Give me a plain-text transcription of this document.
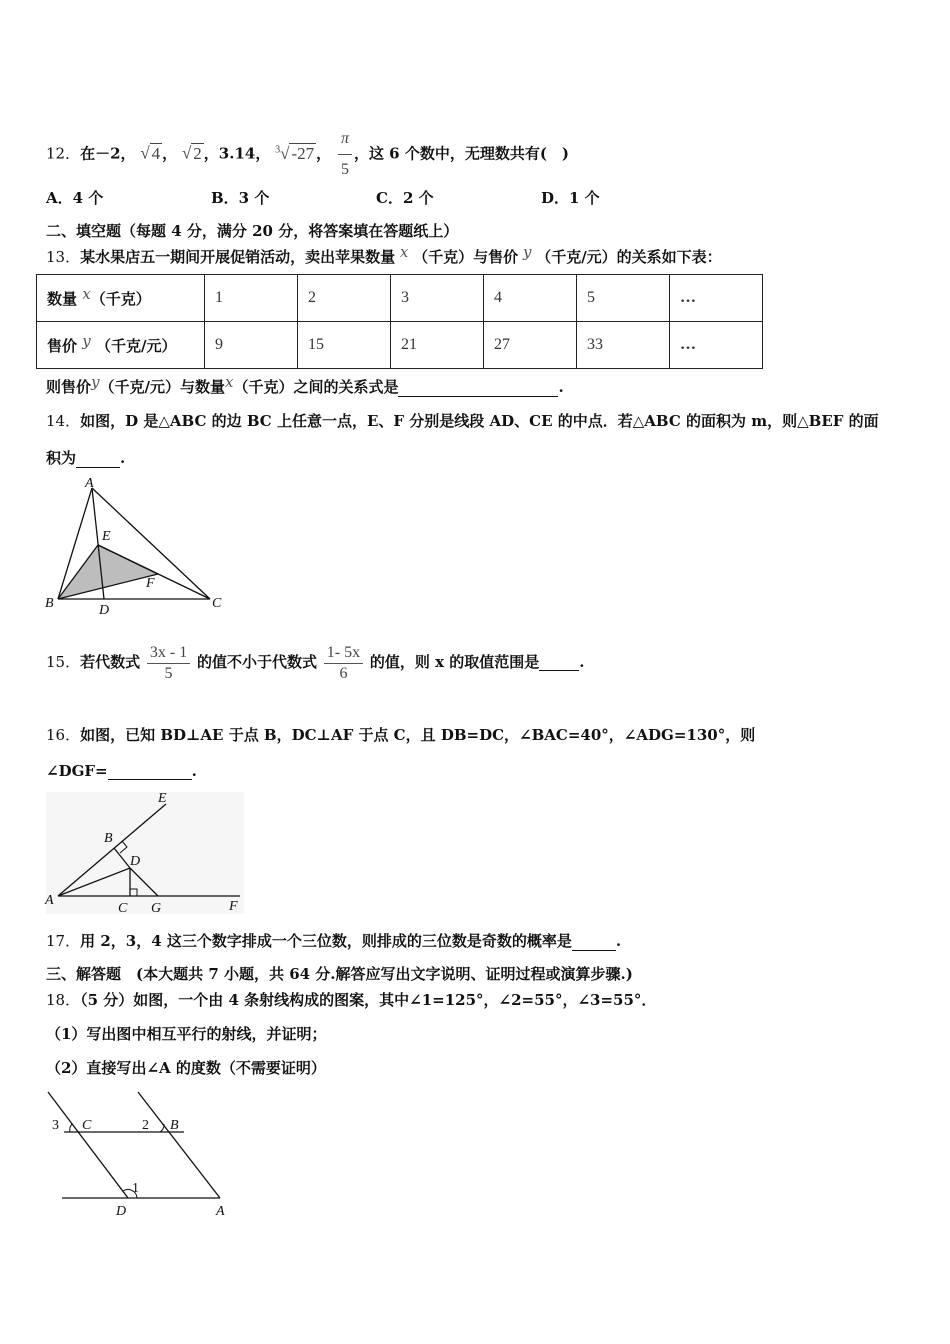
12．在－2， √ 4 ， √ 2 ，3.14， $^3$√ -27 ， $\frac{\pi}{5}$ ，这 6 个数中，无理数共有(　)
A．4 个	B．3 个	C．2 个	D．1 个
二、填空题（每题 4 分，满分 20 分，将答案填在答题纸上）
13．某水果店五一期间开展促销活动，卖出苹果数量 x （千克）与售价 y （千克/元）的关系如下表：
数量 x（千克）	1	2	3	4	5	…
售价 y （千克/元）	9	15	21	27	33	…
则售价y（千克/元）与数量x（千克）之间的关系式是	.
14．如图，D 是△ABC 的边 BC 上任意一点，E、F 分别是线段 AD、CE 的中点．若△ABC 的面积为 m，则△BEF 的面
积为	.
A
B	C
D
E
F
15．若代数式 $\frac{3x - 1}{5}$ 的值不小于代数式 $\frac{1- 5x}{6}$ 的值，则 x 的取值范围是	.
16．如图，已知 BD⊥AE 于点 B，DC⊥AF 于点 C，且 DB=DC，∠BAC=40°，∠ADG=130°，则
∠DGF=	.
E
B
D
A
C G	F
17．用 2，3，4 这三个数字排成一个三位数，则排成的三位数是奇数的概率是	.
三、解答题　(本大题共 7 小题，共 64 分.解答应写出文字说明、证明过程或演算步骤.)
18．（5 分）如图，一个由 4 条射线构成的图案，其中∠1=125°，∠2=55°，∠3=55°．
（1）写出图中相互平行的射线，并证明；
（2）直接写出∠A 的度数（不需要证明）
3 C	2 B
1
D	A
